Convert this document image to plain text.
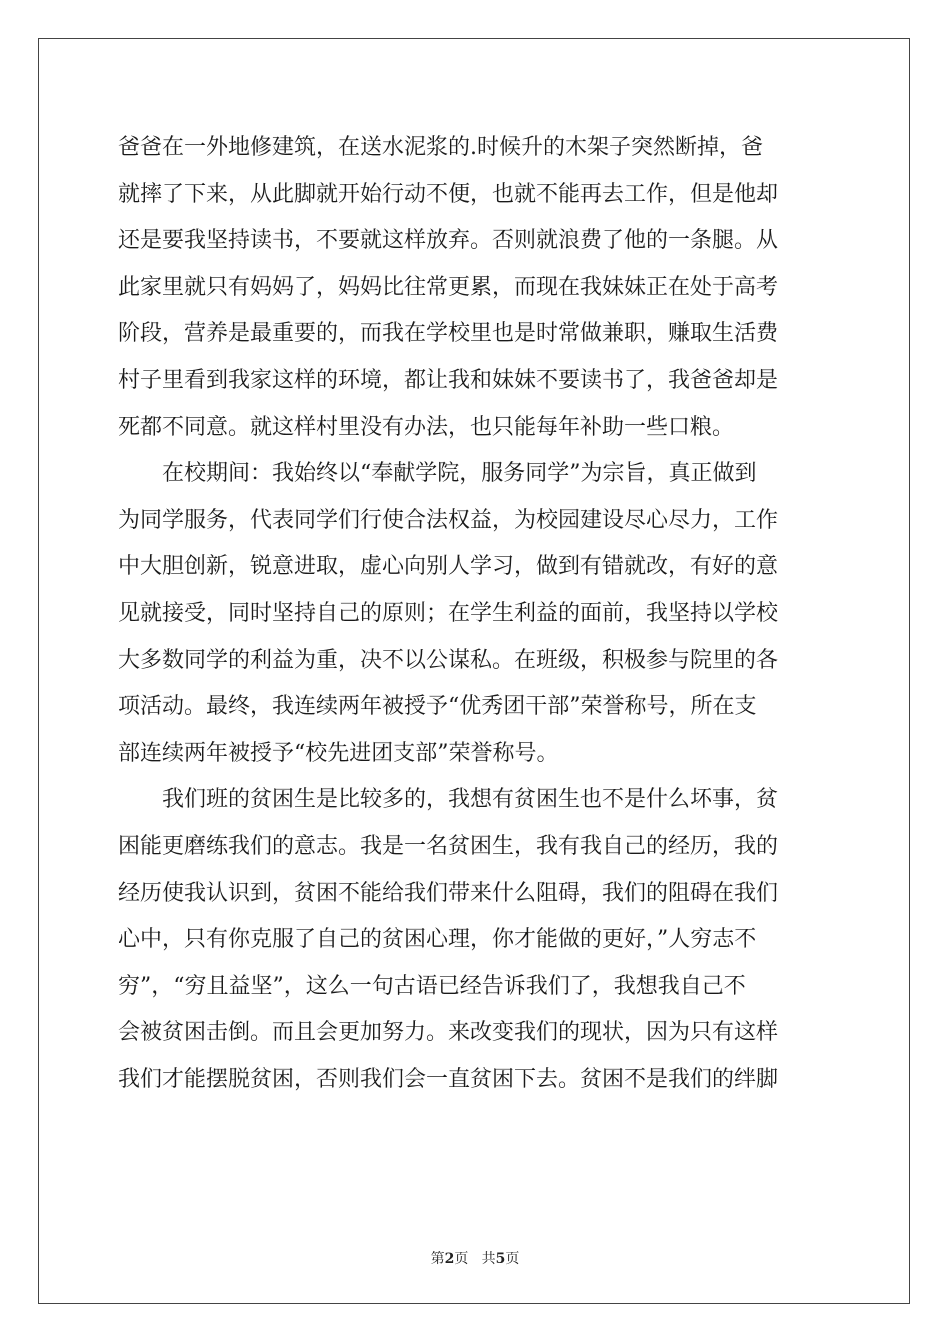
爸爸在一外地修建筑，在送水泥浆的.时候升的木架子突然断掉，爸
就摔了下来，从此脚就开始行动不便，也就不能再去工作，但是他却
还是要我坚持读书，不要就这样放弃。否则就浪费了他的一条腿。从
此家里就只有妈妈了，妈妈比往常更累，而现在我妹妹正在处于高考
阶段，营养是最重要的，而我在学校里也是时常做兼职，赚取生活费
村子里看到我家这样的环境，都让我和妹妹不要读书了，我爸爸却是
死都不同意。就这样村里没有办法，也只能每年补助一些口粮。
在校期间：我始终以“奉献学院，服务同学”为宗旨，真正做到
为同学服务，代表同学们行使合法权益，为校园建设尽心尽力，工作
中大胆创新，锐意进取，虚心向别人学习，做到有错就改，有好的意
见就接受，同时坚持自己的原则；在学生利益的面前，我坚持以学校
大多数同学的利益为重，决不以公谋私。在班级，积极参与院里的各
项活动。最终，我连续两年被授予“优秀团干部”荣誉称号，所在支
部连续两年被授予“校先进团支部”荣誉称号。
我们班的贫困生是比较多的，我想有贫困生也不是什么坏事，贫
困能更磨练我们的意志。我是一名贫困生，我有我自己的经历，我的
经历使我认识到，贫困不能给我们带来什么阻碍，我们的阻碍在我们
心中，只有你克服了自己的贫困心理，你才能做的更好，”人穷志不
穷”，“穷且益坚”，这么一句古语已经告诉我们了，我想我自己不
会被贫困击倒。而且会更加努力。来改变我们的现状，因为只有这样
我们才能摆脱贫困，否则我们会一直贫困下去。贫困不是我们的绊脚
第2页 共5页
